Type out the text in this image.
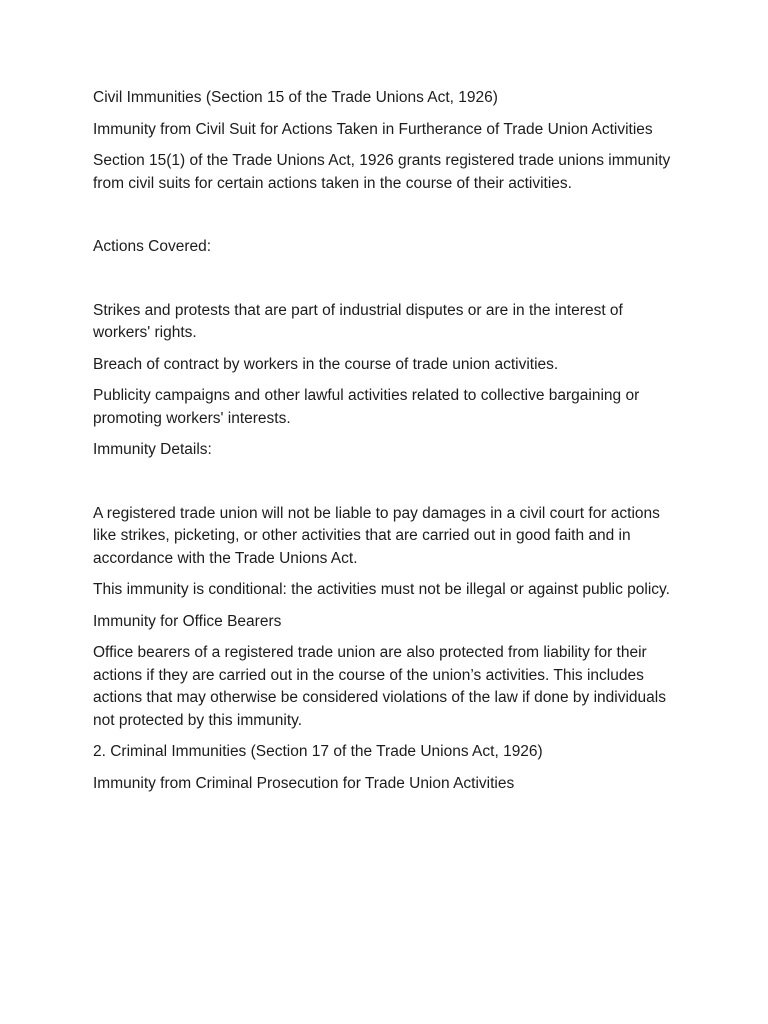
Civil Immunities (Section 15 of the Trade Unions Act, 1926)

Immunity from Civil Suit for Actions Taken in Furtherance of Trade Union Activities

Section 15(1) of the Trade Unions Act, 1926 grants registered trade unions immunity from civil suits for certain actions taken in the course of their activities.

Actions Covered:

Strikes and protests that are part of industrial disputes or are in the interest of workers' rights.

Breach of contract by workers in the course of trade union activities.

Publicity campaigns and other lawful activities related to collective bargaining or promoting workers' interests.

Immunity Details:

A registered trade union will not be liable to pay damages in a civil court for actions like strikes, picketing, or other activities that are carried out in good faith and in accordance with the Trade Unions Act.

This immunity is conditional: the activities must not be illegal or against public policy.

Immunity for Office Bearers

Office bearers of a registered trade union are also protected from liability for their actions if they are carried out in the course of the union’s activities. This includes actions that may otherwise be considered violations of the law if done by individuals not protected by this immunity.

2. Criminal Immunities (Section 17 of the Trade Unions Act, 1926)

Immunity from Criminal Prosecution for Trade Union Activities
